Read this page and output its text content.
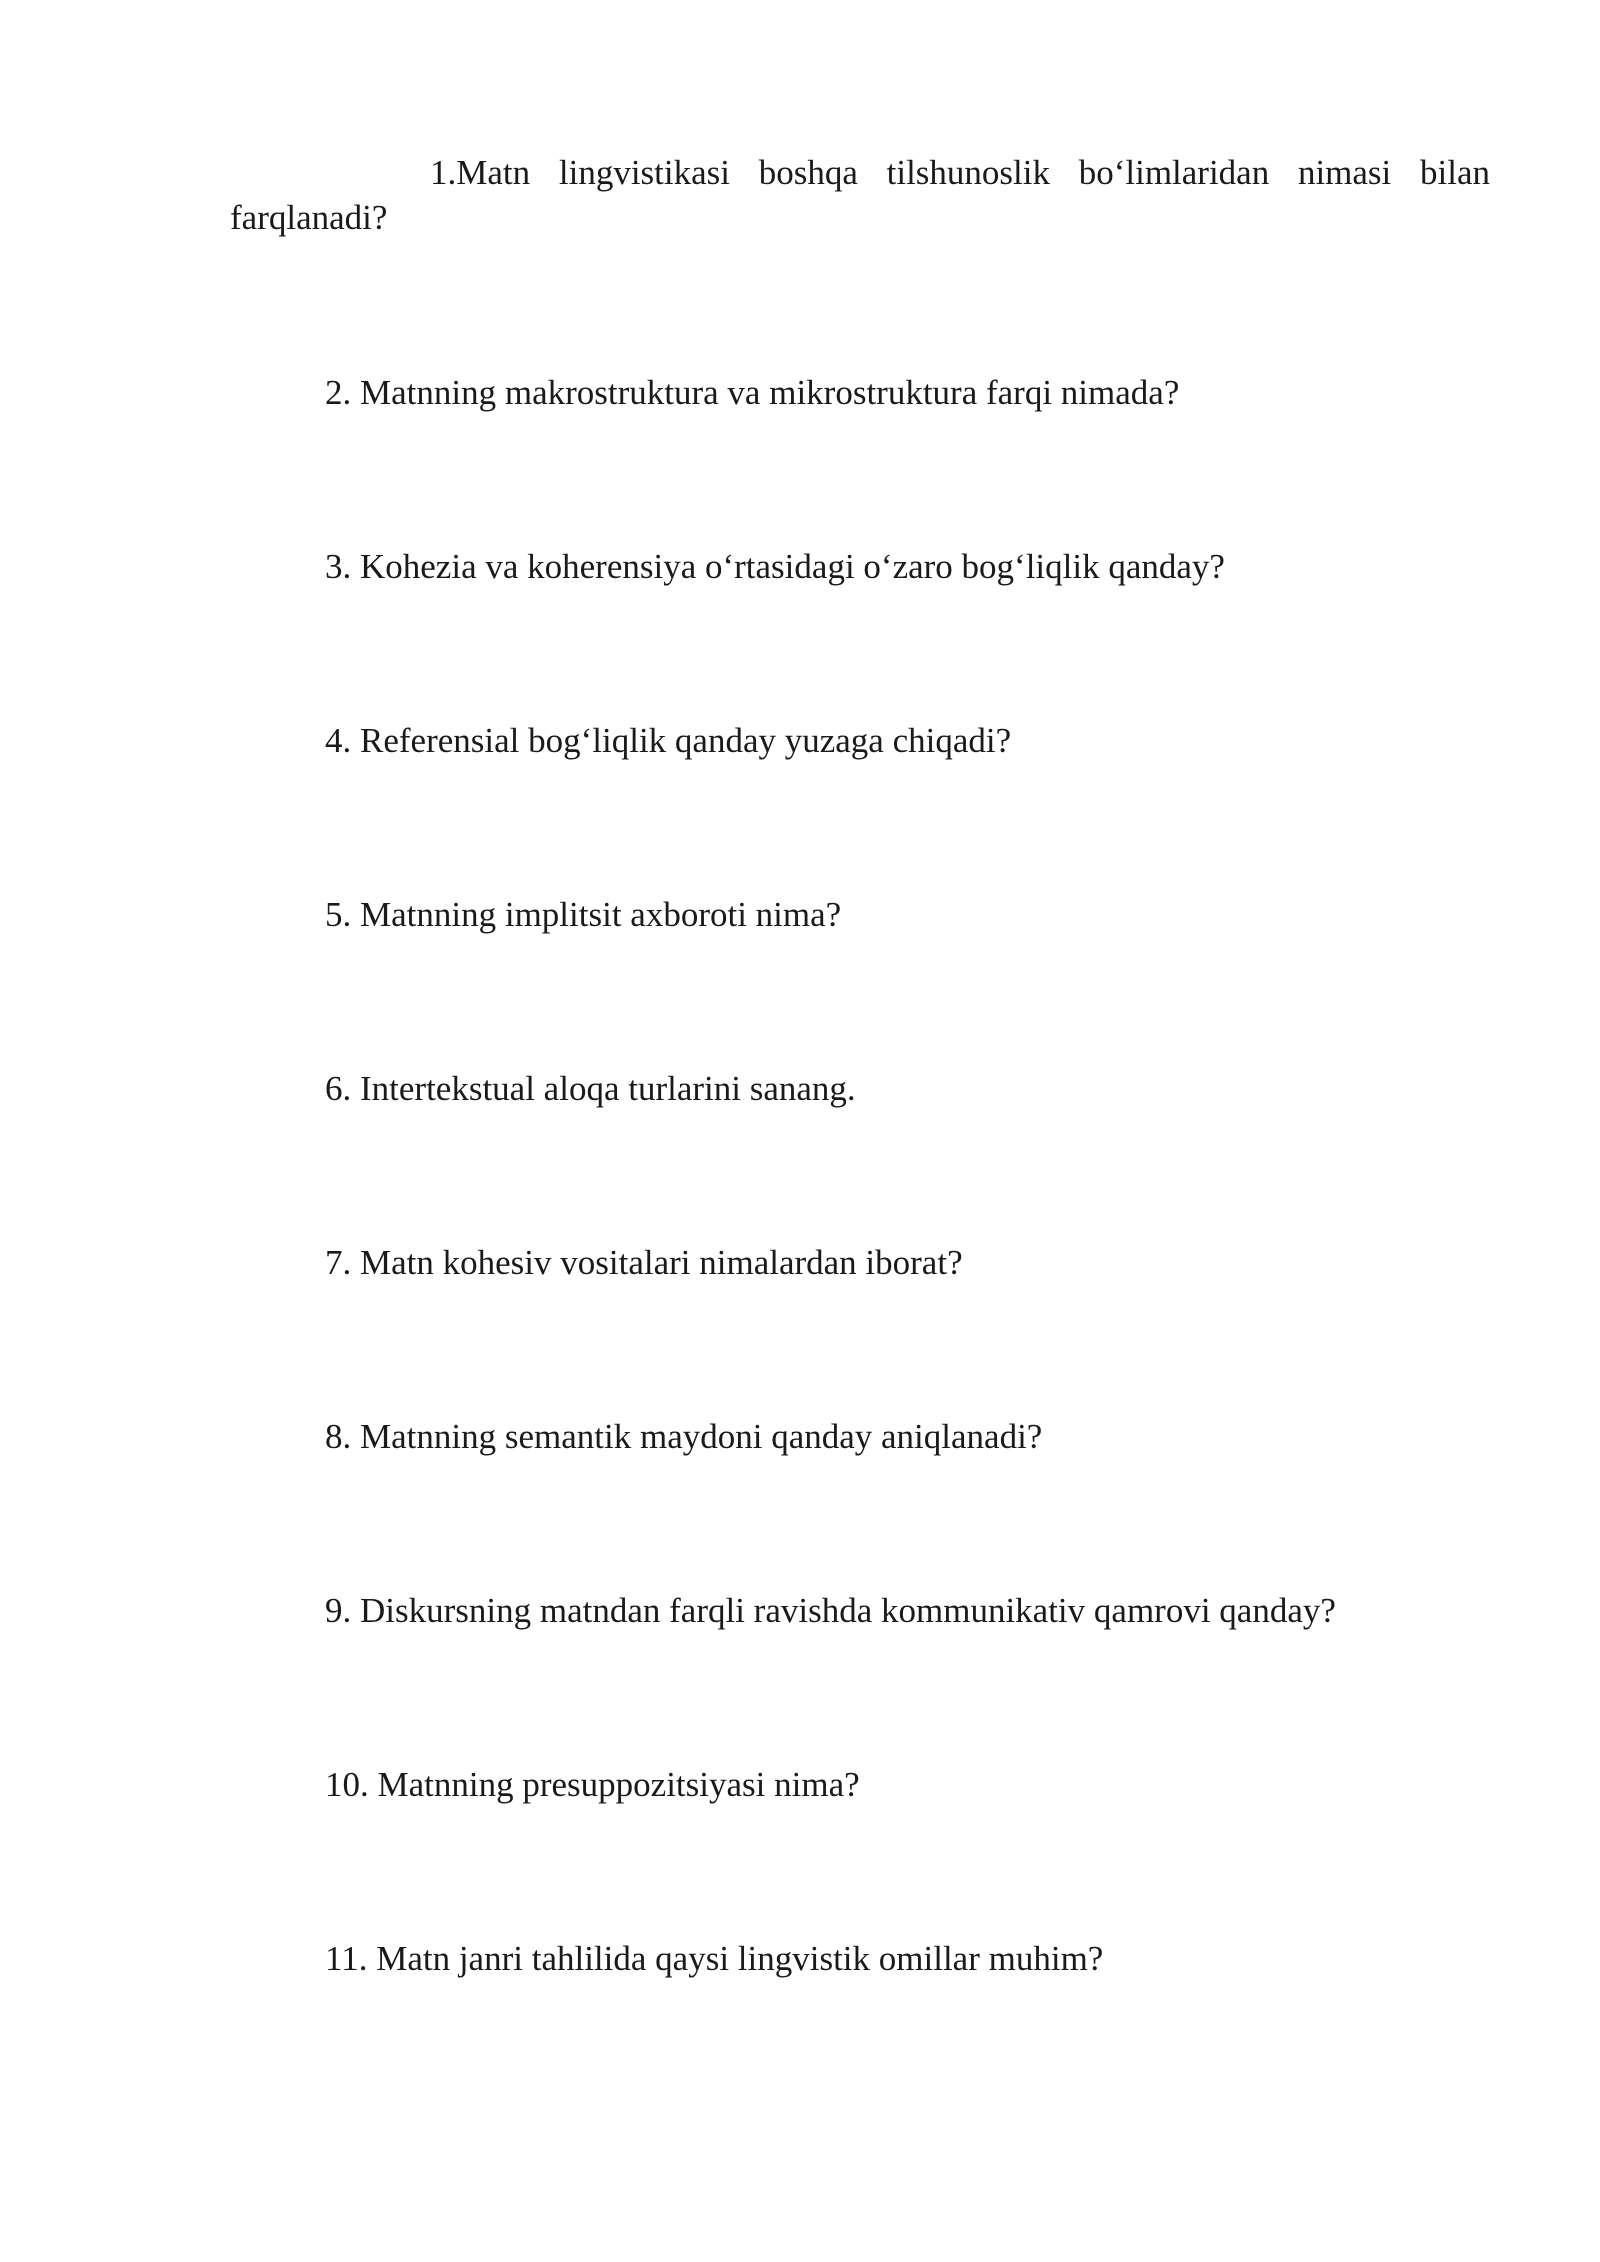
1.Matn lingvistikasi boshqa tilshunoslik bo‘limlaridan nimasi bilan farqlanadi?

2. Matnning makrostruktura va mikrostruktura farqi nimada?

3. Kohezia va koherensiya o‘rtasidagi o‘zaro bog‘liqlik qanday?

4. Referensial bog‘liqlik qanday yuzaga chiqadi?

5. Matnning implitsit axboroti nima?

6. Intertekstual aloqa turlarini sanang.

7. Matn kohesiv vositalari nimalardan iborat?

8. Matnning semantik maydoni qanday aniqlanadi?

9. Diskursning matndan farqli ravishda kommunikativ qamrovi qanday?

10. Matnning presuppozitsiyasi nima?

11. Matn janri tahlilida qaysi lingvistik omillar muhim?
